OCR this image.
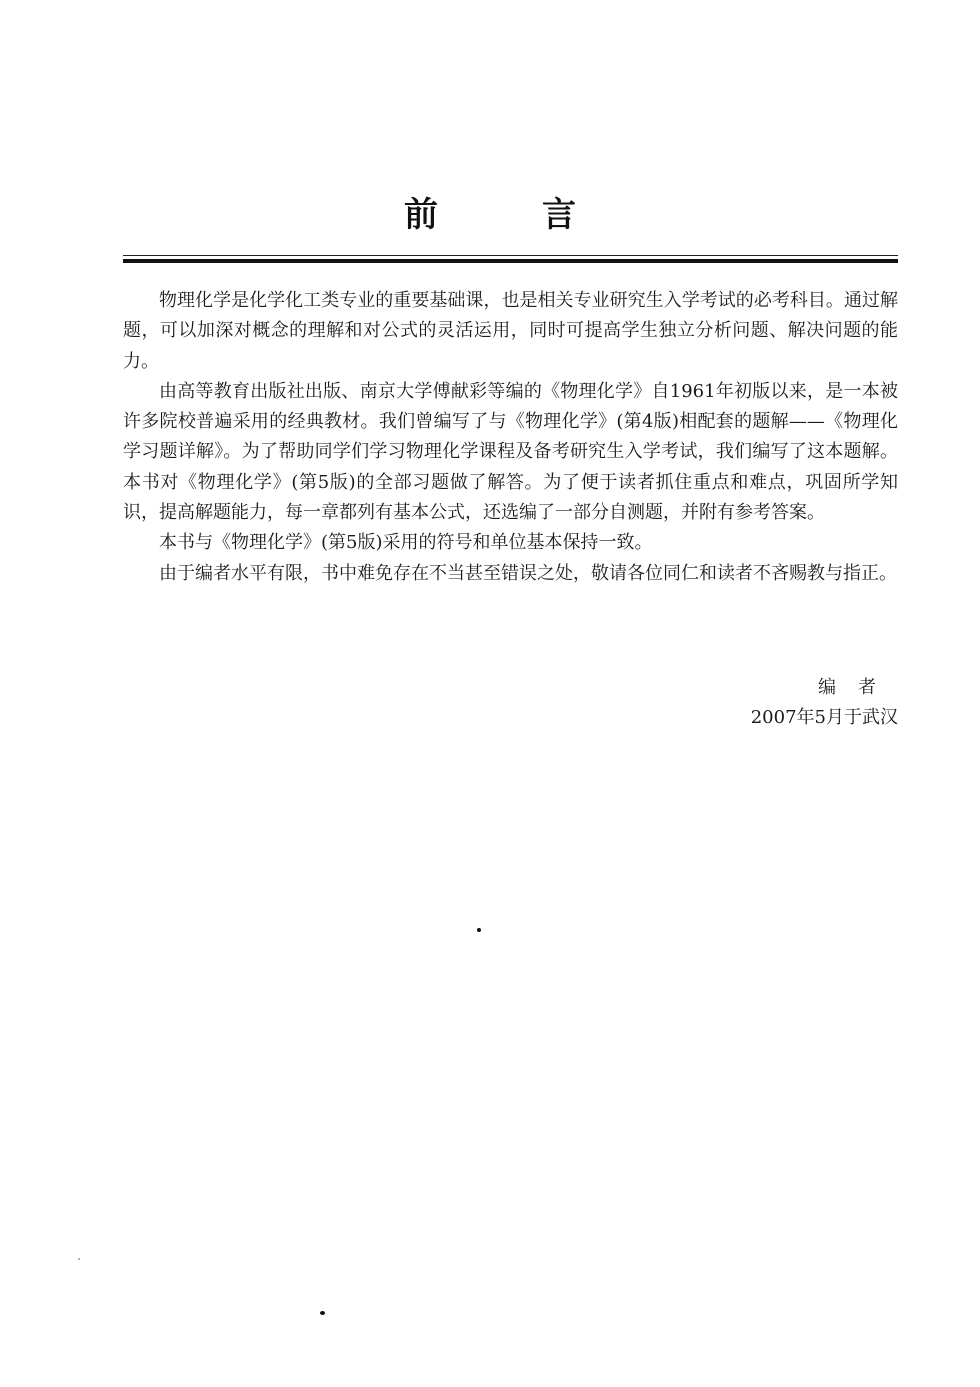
前	言

物理化学是化学化工类专业的重要基础课，也是相关专业研究生入学考试的必考科目。通过解题，可以加深对概念的理解和对公式的灵活运用，同时可提高学生独立分析问题、解决问题的能力。

由高等教育出版社出版、南京大学傅献彩等编的《物理化学》自1961年初版以来，是一本被许多院校普遍采用的经典教材。我们曾编写了与《物理化学》(第4版)相配套的题解——《物理化学习题详解》。为了帮助同学们学习物理化学课程及备考研究生入学考试，我们编写了这本题解。本书对《物理化学》(第5版)的全部习题做了解答。为了便于读者抓住重点和难点，巩固所学知识，提高解题能力，每一章都列有基本公式，还选编了一部分自测题，并附有参考答案。

本书与《物理化学》(第5版)采用的符号和单位基本保持一致。

由于编者水平有限，书中难免存在不当甚至错误之处，敬请各位同仁和读者不吝赐教与指正。

编者
2007年5月于武汉
